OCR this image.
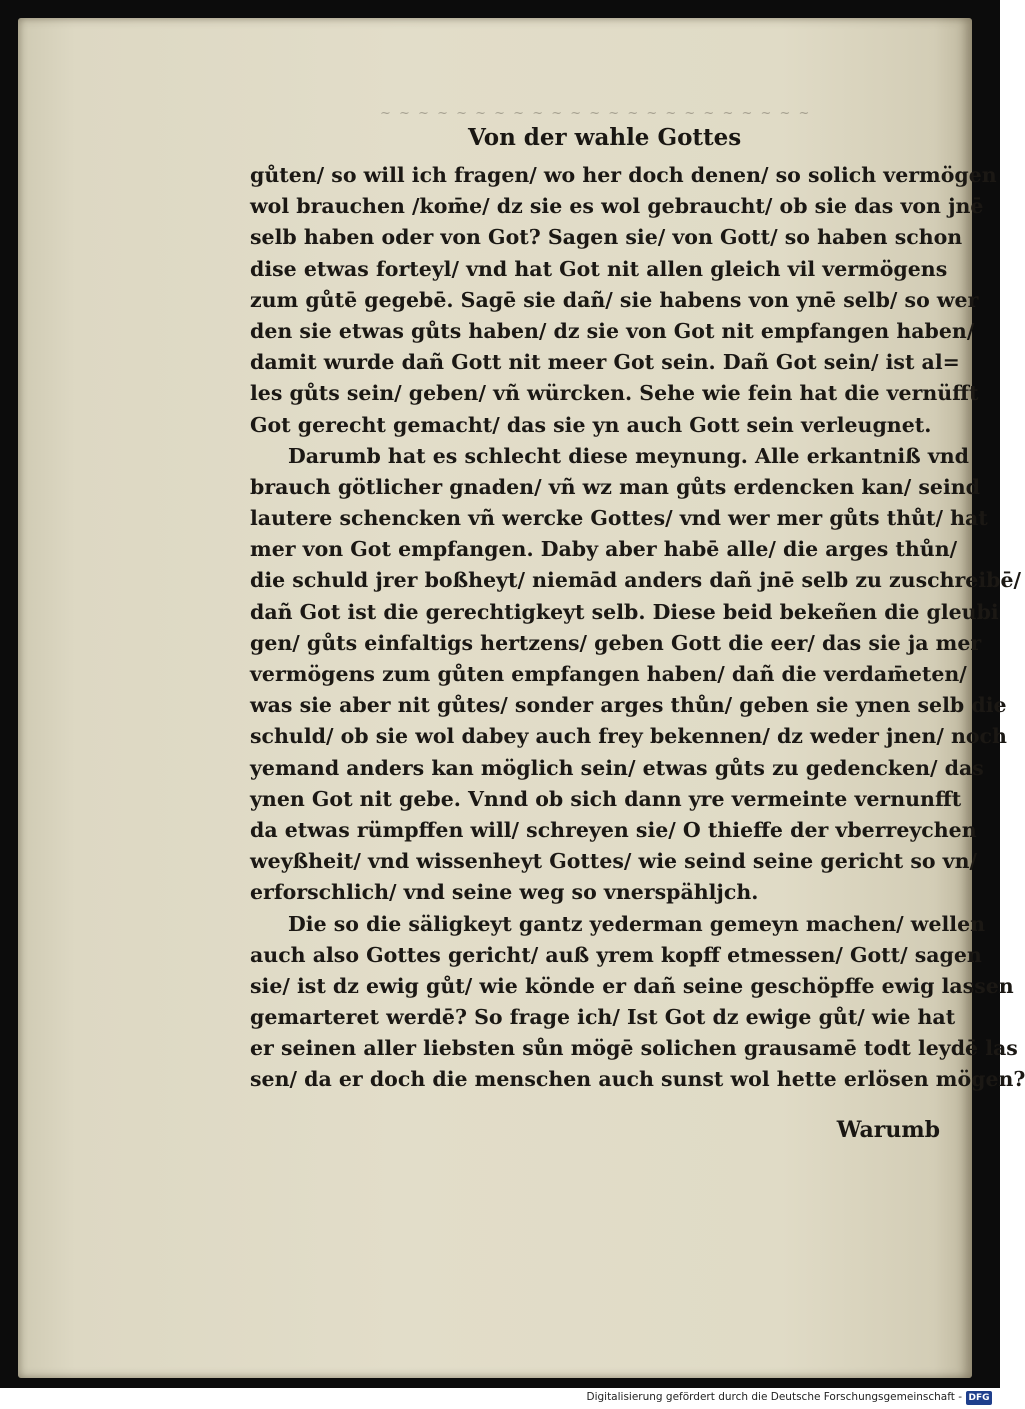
~ ~ ~ ~ ~ ~ ~ ~ ~ ~ ~ ~ ~ ~ ~ ~ ~ ~ ~ ~ ~ ~ ~
Von der wahle Gottes
gůten/ so will ich fragen/ wo her doch denen/ so solich vermögen
wol brauchen /kom̄e/ dz sie es wol gebraucht/ ob sie das von jnē
selb haben oder von Got? Sagen sie/ von Gott/ so haben schon
dise etwas forteyl/ vnd hat Got nit allen gleich vil vermögens
zum gůtē gegebē. Sagē sie dañ/ sie habens von ynē selb/ so wer
den sie etwas gůts haben/ dz sie von Got nit empfangen haben/
damit wurde dañ Gott nit meer Got sein. Dañ Got sein/ ist al=
les gůts sein/ geben/ vñ würcken. Sehe wie fein hat die vernüfft
Got gerecht gemacht/ das sie yn auch Gott sein verleugnet.
Darumb hat es schlecht diese meynung. Alle erkantniß vnd
brauch götlicher gnaden/ vñ wz man gůts erdencken kan/ seind
lautere schencken vñ wercke Gottes/ vnd wer mer gůts thůt/ hat
mer von Got empfangen. Daby aber habē alle/ die arges thůn/
die schuld jrer boßheyt/ niemād anders dañ jnē selb zu zuschreibē/
dañ Got ist die gerechtigkeyt selb. Diese beid bekeñen die gleubi
gen/ gůts einfaltigs hertzens/ geben Gott die eer/ das sie ja mer
vermögens zum gůten empfangen haben/ dañ die verdam̄eten/
was sie aber nit gůtes/ sonder arges thůn/ geben sie ynen selb die
schuld/ ob sie wol dabey auch frey bekennen/ dz weder jnen/ noch
yemand anders kan möglich sein/ etwas gůts zu gedencken/ das
ynen Got nit gebe. Vnnd ob sich dann yre vermeinte vernunfft
da etwas rümpffen will/ schreyen sie/ O thieffe der vberreychen
weyßheit/ vnd wissenheyt Gottes/ wie seind seine gericht so vn/
erforschlich/ vnd seine weg so vnerspähljch.
Die so die säligkeyt gantz yederman gemeyn machen/ wellen
auch also Gottes gericht/ auß yrem kopff etmessen/ Gott/ sagen
sie/ ist dz ewig gůt/ wie könde er dañ seine geschöpffe ewig lassen
gemarteret werdē? So frage ich/ Ist Got dz ewige gůt/ wie hat
er seinen aller liebsten sůn mögē solichen grausamē todt leydē las
sen/ da er doch die menschen auch sunst wol hette erlösen mögen?
Warumb
Digitalisierung gefördert durch die Deutsche Forschungsgemeinschaft - DFG
